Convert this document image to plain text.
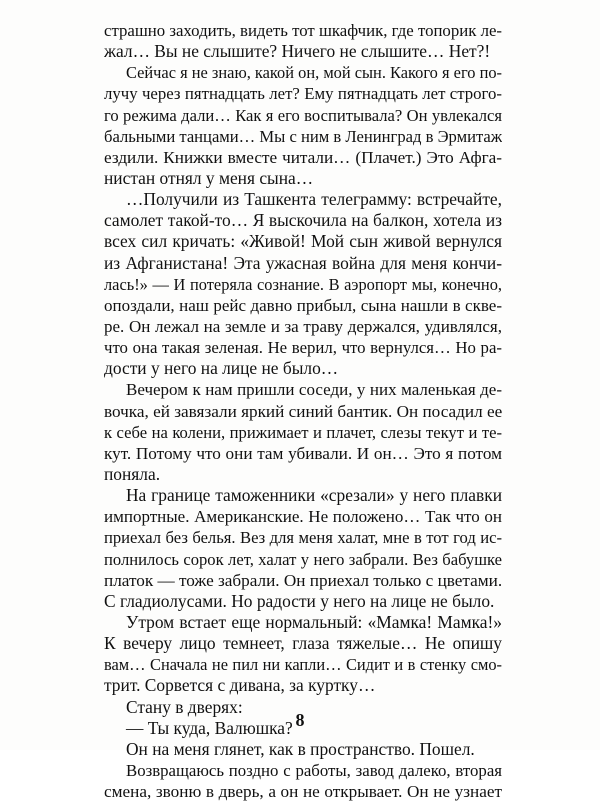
страшно заходить, видеть тот шкафчик, где топорик ле-
жал… Вы не слышите? Ничего не слышите… Нет?!
Сейчас я не знаю, какой он, мой сын. Какого я его по-
лучу через пятнадцать лет? Ему пятнадцать лет строго-
го режима дали… Как я его воспитывала? Он увлекался
бальными танцами… Мы с ним в Ленинград в Эрмитаж
ездили. Книжки вместе читали… (Плачет.) Это Афга-
нистан отнял у меня сына…
…Получили из Ташкента телеграмму: встречайте,
самолет такой-то… Я выскочила на балкон, хотела из
всех сил кричать: «Живой! Мой сын живой вернулся
из Афганистана! Эта ужасная война для меня кончи-
лась!» — И потеряла сознание. В аэропорт мы, конечно,
опоздали, наш рейс давно прибыл, сына нашли в скве-
ре. Он лежал на земле и за траву держался, удивлялся,
что она такая зеленая. Не верил, что вернулся… Но ра-
дости у него на лице не было…
Вечером к нам пришли соседи, у них маленькая де-
вочка, ей завязали яркий синий бантик. Он посадил ее
к себе на колени, прижимает и плачет, слезы текут и те-
кут. Потому что они там убивали. И он… Это я потом
поняла.
На границе таможенники «срезали» у него плавки
импортные. Американские. Не положено… Так что он
приехал без белья. Вез для меня халат, мне в тот год ис-
полнилось сорок лет, халат у него забрали. Вез бабушке
платок — тоже забрали. Он приехал только с цветами.
С гладиолусами. Но радости у него на лице не было.
Утром встает еще нормальный: «Мамка! Мамка!»
К вечеру лицо темнеет, глаза тяжелые… Не опишу
вам… Сначала не пил ни капли… Сидит и в стенку смо-
трит. Сорвется с дивана, за куртку…
Стану в дверях:
— Ты куда, Валюшка?
Он на меня глянет, как в пространство. Пошел.
Возвращаюсь поздно с работы, завод далеко, вторая
смена, звоню в дверь, а он не открывает. Он не узнает
8
